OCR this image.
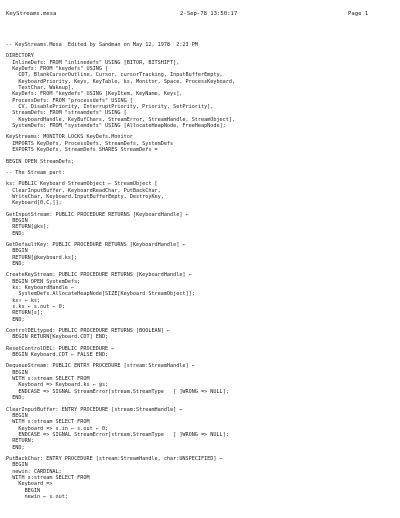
KeyStreams.mesa	2-Sep-78 13:50:17	Page 1
-- KeyStreams.Mesa  Edited by Sandman on May 12, 1978  2:23 PM
DIRECTORY
InlineDefs: FROM "inlinedefs" USING [BITOR, BITSHIFT],
KeyDefs: FROM "keydefs" USING [
CDT, BlankCursorOutline, Cursor, cursorTracking, InputBufferEmpty,
KeyboardPriority, Keys, KeyTable, ks, Monitor, Space, ProcessKeyboard,
TextChar, Wakeup],
KeyDefs: FROM "keydefs" USING [KeyItem, KeyName, Keys],
ProcessDefs: FROM "processdefs" USING [
CV, DisablePriority, InterruptPriority, Priority, SetPriority],
StreamDefs: FROM "streamdefs" USING [
KeyboardHandle, KeyBufChars, StreamError, StreamHandle, StreamObject],
SystemDefs: FROM "systemdefs" USING [AllocateHeapNode, FreeHeapNode];
KeyStreams: MONITOR LOCKS KeyDefs.Monitor
IMPORTS KeyDefs, ProcessDefs, StreamDefs, SystemDefs
EXPORTS KeyDefs, StreamDefs SHARES StreamDefs =
BEGIN OPEN StreamDefs;
-- The Stream part:
ks: PUBLIC Keyboard StreamObject ← StreamObject [
ClearInputBuffer, KeyboardReadChar, PutBackChar,
WriteChar, Keyboard.InputBufferEmpty, DestroyKey,
Keyboard[0,C,]];
GetInputStream: PUBLIC PROCEDURE RETURNS [KeyboardHandle] ←
BEGIN
RETURN[@ks];
END;
GetDefaultKey: PUBLIC PROCEDURE RETURNS [KeyboardHandle] ←
BEGIN
RETURN[@keyboard.ks];
END;
CreateKeyStream: PUBLIC PROCEDURE RETURNS [KeyboardHandle] ←
BEGIN OPEN SystemDefs;
ks: KeyboardHandle ←
SystemDefs.AllocateHeapNode[SIZE[Keyboard StreamObject]];
ks↑ ← ks;
s.ks ← s.out ← 0;
RETURN[s];
END;
ControlDELtyped: PUBLIC PROCEDURE RETURNS [BOOLEAN] ←
BEGIN RETURN[Keyboard.CDT] END;
ResetControlDEL: PUBLIC PROCEDURE ←
BEGIN Keyboard.CDT ← FALSE END;
DequeueStream: PUBLIC ENTRY PROCEDURE [stream:StreamHandle] ←
BEGIN
WITH s:stream SELECT FROM
Keyboard => Keyboard.ks ← @s;
ENDCASE => SIGNAL StreamError[stream,StreamType   [ ]WRONG => NULL];
END;
ClearInputBuffer: ENTRY PROCEDURE [stream:StreamHandle] ←
BEGIN
WITH s:stream SELECT FROM
Keyboard => s.in ← s.out ← 0;
ENDCASE => SIGNAL StreamError[stream,StreamType   [ ]WRONG => NULL];
RETURN;
END;
PutBackChar: ENTRY PROCEDURE [stream:StreamHandle, char:UNSPECIFIED] ←
BEGIN
newin: CARDINAL;
WITH s:stream SELECT FROM
Keyboard =>
BEGIN
newin ← s.out;
